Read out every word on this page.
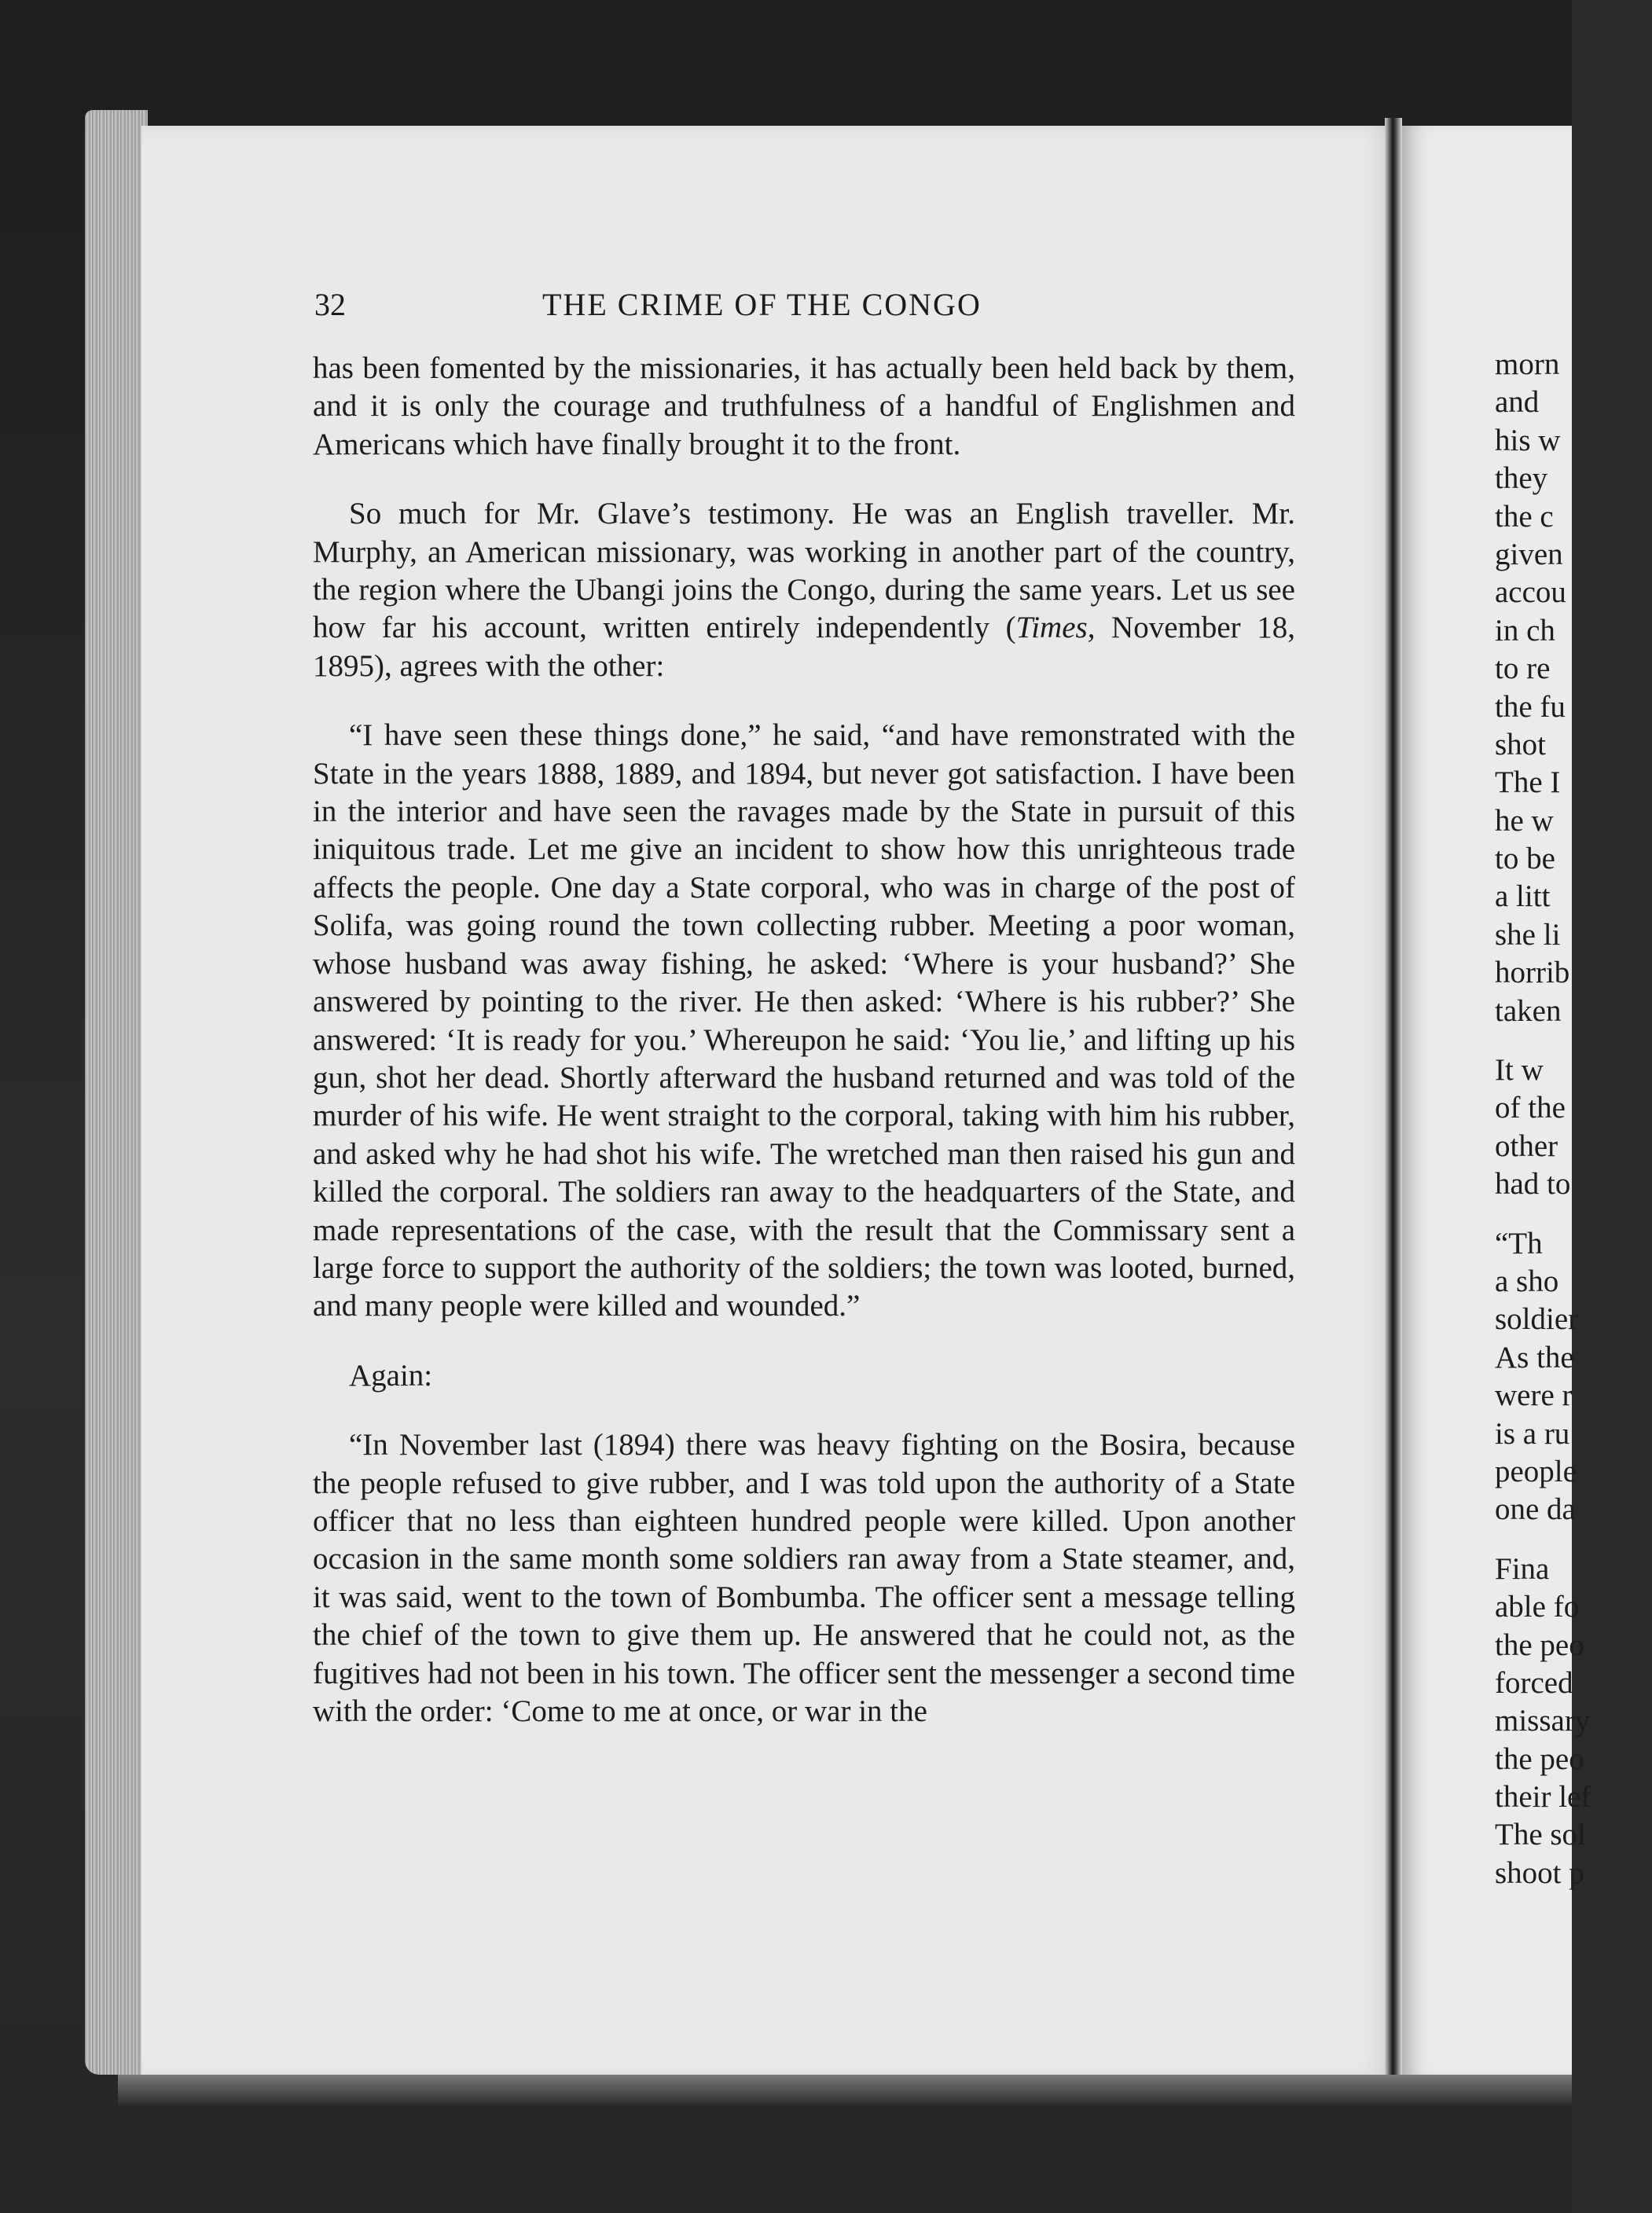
32	THE CRIME OF THE CONGO

has been fomented by the missionaries, it has actually been held back by them, and it is only the courage and truthfulness of a handful of Englishmen and Americans which have finally brought it to the front.

So much for Mr. Glave’s testimony. He was an English traveller. Mr. Murphy, an American missionary, was working in another part of the country, the region where the Ubangi joins the Congo, during the same years. Let us see how far his account, written entirely independently (Times, November 18, 1895), agrees with the other:

“I have seen these things done,” he said, “and have remonstrated with the State in the years 1888, 1889, and 1894, but never got satisfaction. I have been in the interior and have seen the ravages made by the State in pursuit of this iniquitous trade. Let me give an incident to show how this unrighteous trade affects the people. One day a State corporal, who was in charge of the post of Solifa, was going round the town collecting rubber. Meeting a poor woman, whose husband was away fishing, he asked: ‘Where is your husband?’ She answered by pointing to the river. He then asked: ‘Where is his rubber?’ She answered: ‘It is ready for you.’ Whereupon he said: ‘You lie,’ and lifting up his gun, shot her dead. Shortly afterward the husband returned and was told of the murder of his wife. He went straight to the corporal, taking with him his rubber, and asked why he had shot his wife. The wretched man then raised his gun and killed the corporal. The soldiers ran away to the headquarters of the State, and made representations of the case, with the result that the Commissary sent a large force to support the authority of the soldiers; the town was looted, burned, and many people were killed and wounded.”

Again:

“In November last (1894) there was heavy fighting on the Bosira, because the people refused to give rubber, and I was told upon the authority of a State officer that no less than eighteen hundred people were killed. Upon another occasion in the same month some soldiers ran away from a State steamer, and, it was said, went to the town of Bombumba. The officer sent a message telling the chief of the town to give them up. He answered that he could not, as the fugitives had not been in his town. The officer sent the messenger a second time with the order: ‘Come to me at once, or war in the

morn
and
his w
they
the c
given
accou
in ch
to re
the fu
shot
The I
he w
to be
a litt
she li
horrib
taken
It w
of the
other
had to
“Th
a sho
soldier
As the
were r
is a ru
people
one da
Fina
able fo
the peo
forced
missary
the peo
their lef
The sol
shoot p
